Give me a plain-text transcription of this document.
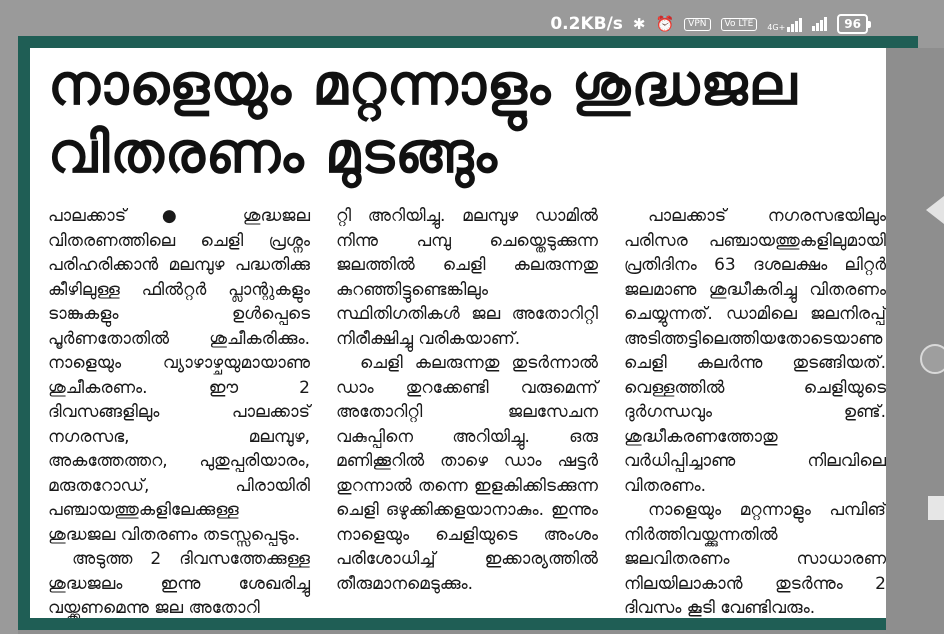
0.2KB/s ✱ ⏰	VPN	Vo LTE	4G+	96
നാളെയും മറ്റന്നാളും ശുദ്ധജല
വിതരണം മുടങ്ങും

പാലക്കാട് ● ശുദ്ധജല വിതരണത്തിലെ ചെളി പ്രശ്നം പരിഹരിക്കാൻ മലമ്പുഴ പദ്ധതിക്കു കീഴിലുള്ള ഫിൽറ്റർ പ്ലാന്റുകളും ടാങ്കുകളും ഉൾപ്പെടെ പൂർണതോതിൽ ശുചീകരിക്കും. നാളെയും വ്യാഴാഴ്ചയുമായാണു ശുചീകരണം. ഈ 2 ദിവസങ്ങളിലും പാലക്കാട് നഗരസഭ, മലമ്പുഴ, അകത്തേത്തറ, പുതുപ്പരിയാരം, മരുതറോഡ്, പിരായിരി പഞ്ചായത്തുകളിലേക്കുള്ള ശുദ്ധജല വിതരണം തടസ്സപ്പെടും.

അടുത്ത 2 ദിവസത്തേക്കുള്ള ശുദ്ധജലം ഇന്നു ശേഖരിച്ചു വയ്ക്കണമെന്നു ജല അതോറി

റ്റി അറിയിച്ചു. മലമ്പുഴ ഡാമിൽ നിന്നു പമ്പു ചെയ്തെടുക്കുന്ന ജലത്തിൽ ചെളി കലരുന്നതു കുറഞ്ഞിട്ടുണ്ടെങ്കിലും സ്ഥിതിഗതികൾ ജല അതോറിറ്റി നിരീക്ഷിച്ചു വരികയാണ്.

ചെളി കലരുന്നതു തുടർന്നാൽ ഡാം തുറക്കേണ്ടി വരുമെന്ന് അതോറിറ്റി ജലസേചന വകുപ്പിനെ അറിയിച്ചു. ഒരു മണിക്കൂറിൽ താഴെ ഡാം ഷട്ടർ തുറന്നാൽ തന്നെ ഇളകിക്കിടക്കുന്ന ചെളി ഒഴുക്കിക്കളയാനാകും. ഇന്നും നാളെയും ചെളിയുടെ അംശം പരിശോധിച്ച് ഇക്കാര്യത്തിൽ തീരുമാനമെടുക്കും.

പാലക്കാട് നഗരസഭയിലും പരിസര പഞ്ചായത്തുകളിലുമായി പ്രതിദിനം 63 ദശലക്ഷം ലിറ്റർ ജലമാണു ശുദ്ധീകരിച്ചു വിതരണം ചെയ്യുന്നത്. ഡാമിലെ ജലനിരപ്പ് അടിത്തട്ടിലെത്തിയതോടെയാണു ചെളി കലർന്നു തുടങ്ങിയത്. വെള്ളത്തിൽ ചെളിയുടെ ദുർഗന്ധവും ഉണ്ട്. ശുദ്ധീകരണത്തോതു വർധിപ്പിച്ചാണു നിലവിലെ വിതരണം.

നാളെയും മറ്റന്നാളും പമ്പിങ് നിർത്തിവയ്ക്കുന്നതിൽ ജലവിതരണം സാധാരണ നിലയിലാകാൻ തുടർന്നും 2 ദിവസം കൂടി വേണ്ടിവരും.
